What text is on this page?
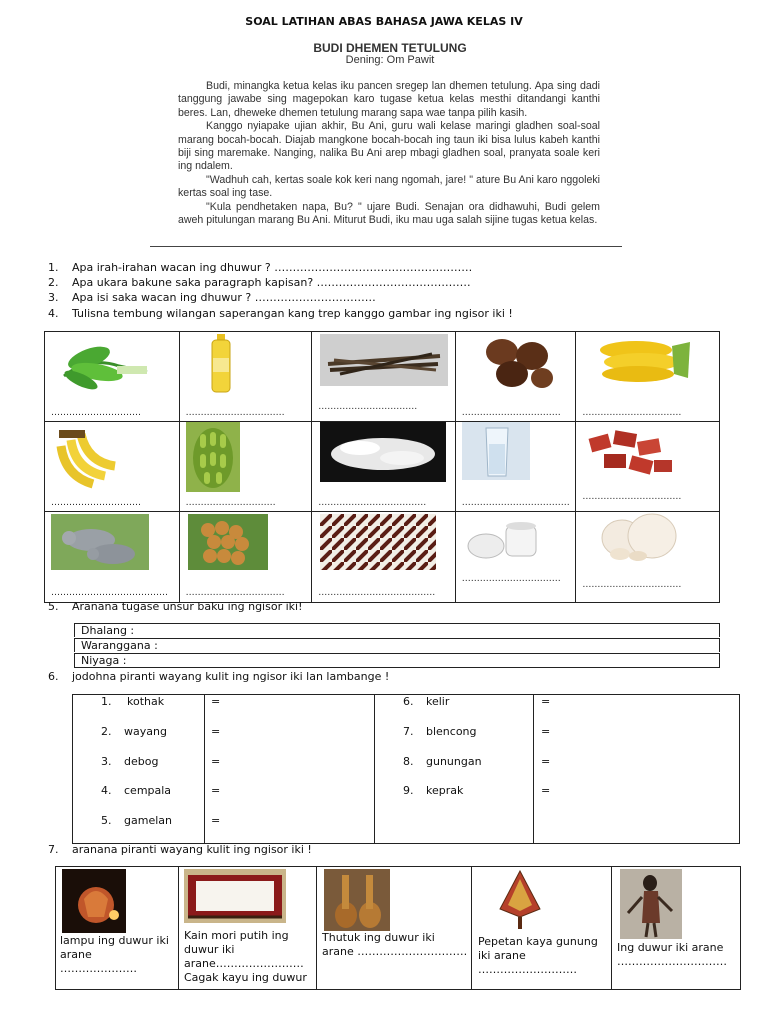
SOAL LATIHAN ABAS BAHASA JAWA KELAS IV
BUDI DHEMEN TETULUNG
Dening: Om Pawit

Budi, minangka ketua kelas iku pancen sregep lan dhemen tetulung. Apa sing dadi tanggung jawabe sing magepokan karo tugase ketua kelas mesthi ditandangi kanthi beres. Lan, dheweke dhemen tetulung marang sapa wae tanpa pilih kasih.

Kanggo nyiapake ujian akhir, Bu Ani, guru wali kelase maringi gladhen soal-soal marang bocah-bocah. Diajab mangkone bocah-bocah ing taun iki bisa lulus kabeh kanthi biji sing maremake. Nanging, nalika Bu Ani arep mbagi gladhen soal, pranyata soale keri ing ndalem.

"Wadhuh cah, kertas soale kok keri nang ngomah, jare! " ature Bu Ani karo nggoleki kertas soal ing tase.

"Kula pendhetaken napa, Bu? " ujare Budi. Senajan ora didhawuhi, Budi gelem aweh pitulungan marang Bu Ani. Miturut Budi, iku mau uga salah sijine tugas ketua kelas.

1. Apa irah-irahan wacan ing dhuwur ? ………………………………………………
2. Apa ukara bakune saka paragraph kapisan? ……………………………………
3. Apa isi saka wacan ing dhuwur ? ……………………………
4. Tulisna tembung wilangan saperangan kang trep kanggo gambar ing ngisor iki !
…………………………	……………………………	……………………………	……………………………	……………………………

…………………………	…………………………	………………………………	………………………………	……………………………

…………………………………	……………………………	…………………………………	……………………………	……………………………
5. Aranana tugase unsur baku ing ngisor iki!
Dhalang :
Waranggana :
Niyaga :
6. jodohna piranti wayang kulit ing ngisor iki lan lambange !
1. kothak	=
2. wayang	=
3. debog	=
4. cempala	=
5. gamelan	=
6. kelir	=
7. blencong	=
8. gunungan	=
9. keprak	=
7. aranana piranti wayang kulit ing ngisor iki !
lampu ing duwur iki arane …………………
Kain mori putih ing duwur iki arane…………………… Cagak kayu ing duwur
Thutuk ing duwur iki arane …………………………
Pepetan kaya gunung iki arane ………………………
Ing duwur iki arane …………………………
